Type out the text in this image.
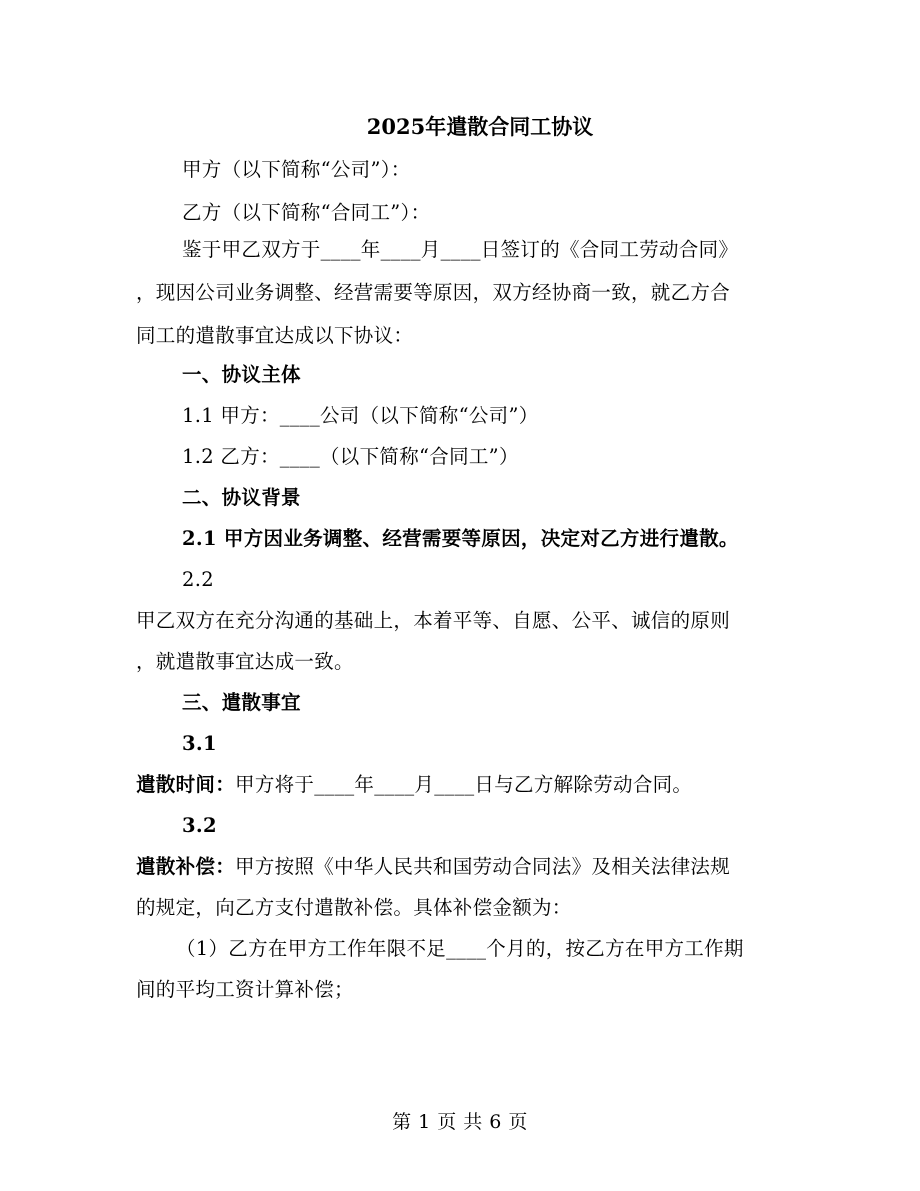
2025年遣散合同工协议
甲方（以下简称“公司”）：
乙方（以下简称“合同工”）：
鉴于甲乙双方于____年____月____日签订的《合同工劳动合同》
，现因公司业务调整、经营需要等原因，双方经协商一致，就乙方合
同工的遣散事宜达成以下协议：
一、协议主体
1.1 甲方：____公司（以下简称“公司”）
1.2 乙方：____（以下简称“合同工”）
二、协议背景
2.1 甲方因业务调整、经营需要等原因，决定对乙方进行遣散。
2.2
甲乙双方在充分沟通的基础上，本着平等、自愿、公平、诚信的原则
，就遣散事宜达成一致。
三、遣散事宜
3.1
遣散时间：甲方将于____年____月____日与乙方解除劳动合同。
3.2
遣散补偿：甲方按照《中华人民共和国劳动合同法》及相关法律法规
的规定，向乙方支付遣散补偿。具体补偿金额为：
（1）乙方在甲方工作年限不足____个月的，按乙方在甲方工作期
间的平均工资计算补偿；
第 1 页 共 6 页
